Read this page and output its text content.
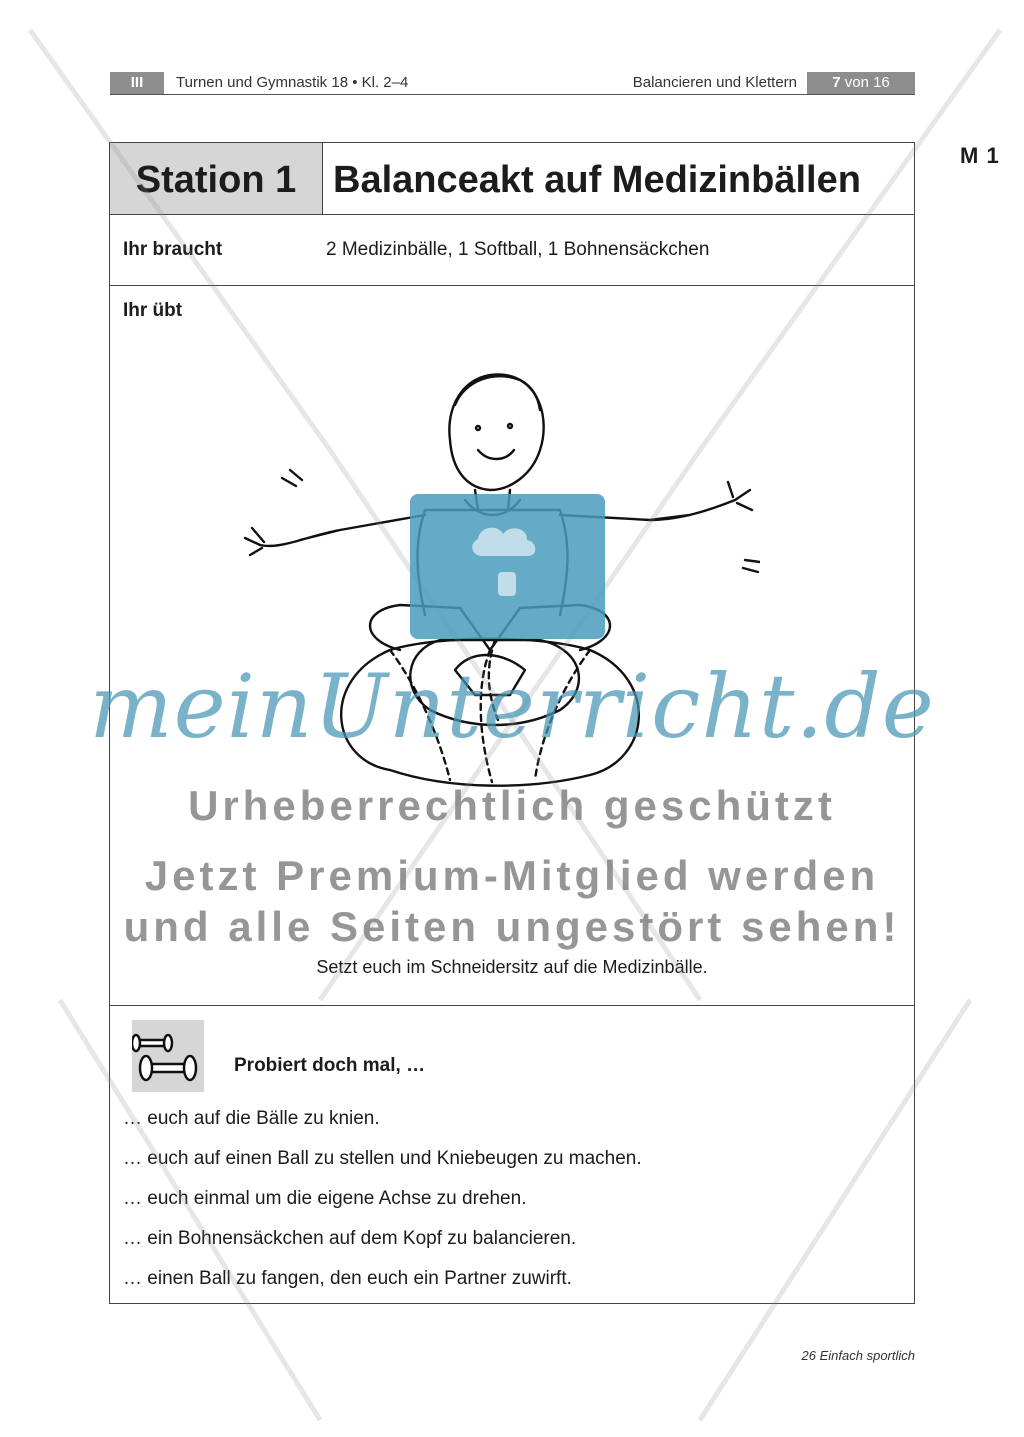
III	Turnen und Gymnastik 18 • Kl. 2–4	Balancieren und Klettern	7 von 16
M 1
Station 1 Balanceakt auf Medizinbällen
Ihr braucht	2 Medizinbälle, 1 Softball, 1 Bohnensäckchen
Ihr übt
Setzt euch im Schneidersitz auf die Medizinbälle.
Probiert doch mal, …
… euch auf die Bälle zu knien.
… euch auf einen Ball zu stellen und Kniebeugen zu machen.
… euch einmal um die eigene Achse zu drehen.
… ein Bohnensäckchen auf dem Kopf zu balancieren.
… einen Ball zu fangen, den euch ein Partner zuwirft.
meinUnterricht.de
Urheberrechtlich geschützt
Jetzt Premium-Mitglied werden
und alle Seiten ungestört sehen!
26 Einfach sportlich
